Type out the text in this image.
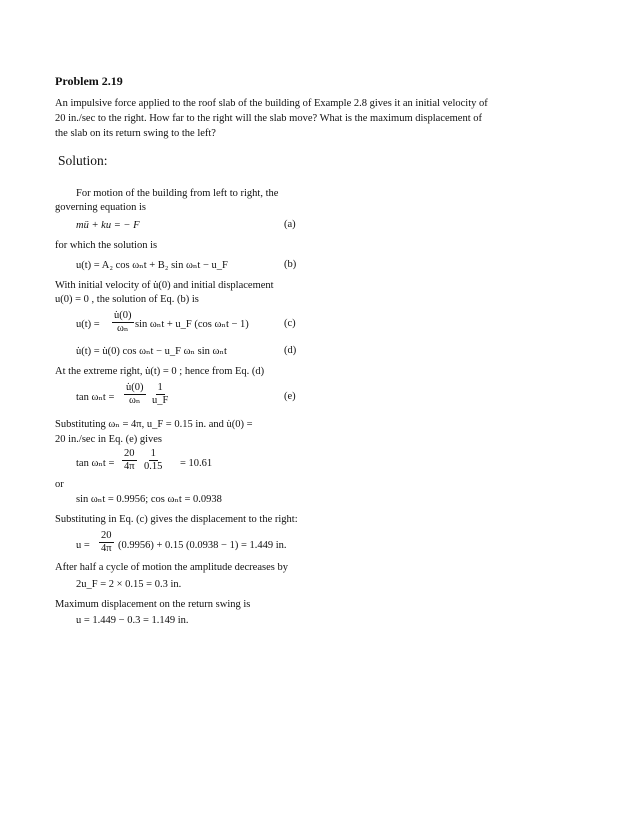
Problem 2.19
An impulsive force applied to the roof slab of the building of Example 2.8 gives it an initial velocity of
20 in./sec to the right. How far to the right will the slab move? What is the maximum displacement of
the slab on its return swing to the left?
Solution:
For motion of the building from left to right, the
governing equation is
mü + ku = − F	(a)
for which the solution is
u(t) = A₂ cos ωₙt + B₂ sin ωₙt − u_F	(b)
With initial velocity of u̇(0) and initial displacement
u(0) = 0 , the solution of Eq. (b) is
$u(t) = \frac{u̇(0)}{\text{ωₙ}}$ sin ωₙt + u_F (cos ωₙt − 1)	(c)
u̇(t) = u̇(0) cos ωₙt − u_F ωₙ sin ωₙt	(d)
At the extreme right, u̇(t) = 0 ; hence from Eq. (d)
$\tan \omega_nt = \frac{u̇(0)}{\text{ωₙ}} \frac{1}{u\_F}$	(e)
Substituting ωₙ = 4π, u_F = 0.15 in. and u̇(0) =
20 in./sec in Eq. (e) gives
$\tan \omega_nt = \frac{20}{4\pi} \frac{1}{0.15} = 10.61$
or
sin ωₙt = 0.9956; cos ωₙt = 0.0938
Substituting in Eq. (c) gives the displacement to the right:
$u = \frac{20}{4\pi} (0.9956) + 0.15$ (0.0938 − 1) = 1.449 in.
After half a cycle of motion the amplitude decreases by
2u_F = 2 × 0.15 = 0.3 in.
Maximum displacement on the return swing is
u = 1.449 − 0.3 = 1.149 in.
